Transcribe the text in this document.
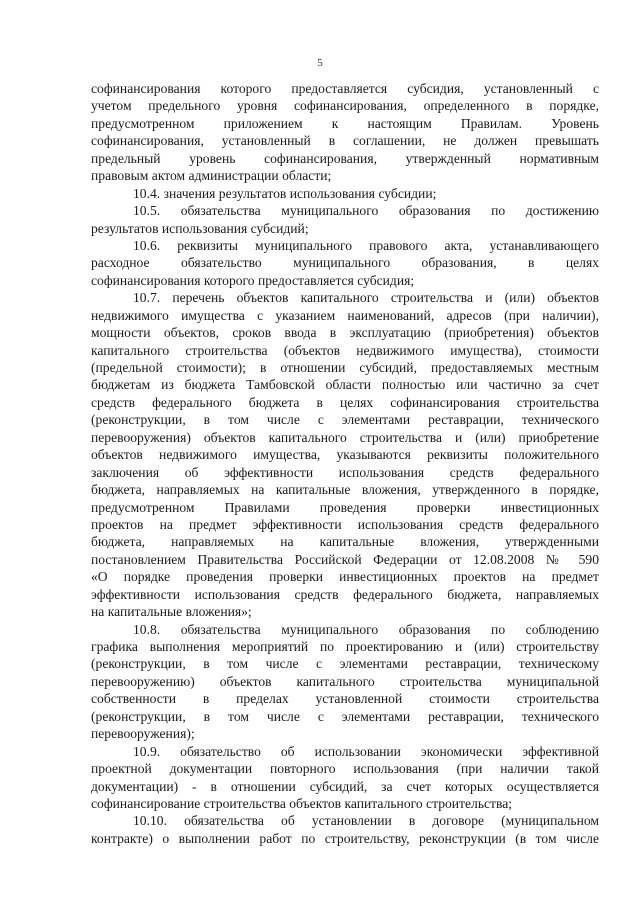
5
софинансирования которого предоставляется субсидия, установленный с
учетом предельного уровня софинансирования, определенного в порядке,
предусмотренном приложением к настоящим Правилам. Уровень
софинансирования, установленный в соглашении, не должен превышать
предельный уровень софинансирования, утвержденный нормативным
правовым актом администрации области;
10.4. значения результатов использования субсидии;
10.5. обязательства муниципального образования по достижению
результатов использования субсидий;
10.6. реквизиты муниципального правового акта, устанавливающего
расходное обязательство муниципального образования, в целях
софинансирования которого предоставляется субсидия;
10.7. перечень объектов капитального строительства и (или) объектов
недвижимого имущества с указанием наименований, адресов (при наличии),
мощности объектов, сроков ввода в эксплуатацию (приобретения) объектов
капитального строительства (объектов недвижимого имущества), стоимости
(предельной стоимости); в отношении субсидий, предоставляемых местным
бюджетам из бюджета Тамбовской области полностью или частично за счет
средств федерального бюджета в целях софинансирования строительства
(реконструкции, в том числе с элементами реставрации, технического
перевооружения) объектов капитального строительства и (или) приобретение
объектов недвижимого имущества, указываются реквизиты положительного
заключения об эффективности использования средств федерального
бюджета, направляемых на капитальные вложения, утвержденного в порядке,
предусмотренном Правилами проведения проверки инвестиционных
проектов на предмет эффективности использования средств федерального
бюджета, направляемых на капитальные вложения, утвержденными
постановлением Правительства Российской Федерации от 12.08.2008 № 590
«О порядке проведения проверки инвестиционных проектов на предмет
эффективности использования средств федерального бюджета, направляемых
на капитальные вложения»;
10.8. обязательства муниципального образования по соблюдению
графика выполнения мероприятий по проектированию и (или) строительству
(реконструкции, в том числе с элементами реставрации, техническому
перевооружению) объектов капитального строительства муниципальной
собственности в пределах установленной стоимости строительства
(реконструкции, в том числе с элементами реставрации, технического
перевооружения);
10.9. обязательство об использовании экономически эффективной
проектной документации повторного использования (при наличии такой
документации) - в отношении субсидий, за счет которых осуществляется
софинансирование строительства объектов капитального строительства;
10.10. обязательства об установлении в договоре (муниципальном
контракте) о выполнении работ по строительству, реконструкции (в том числе
